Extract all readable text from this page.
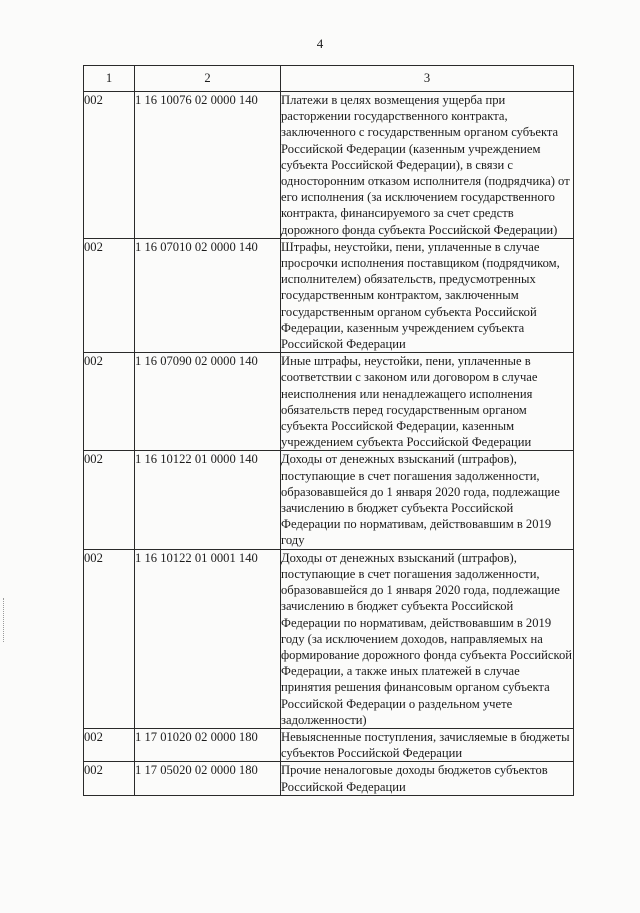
4
1	2	3
002	1 16 10076 02 0000 140	Платежи в целях возмещения ущерба при расторжении государственного контракта, заключенного с государственным органом субъекта Российской Федерации (казенным учреждением субъекта Российской Федерации), в связи с односторонним отказом исполнителя (подрядчика) от его исполнения (за исключением государственного контракта, финансируемого за счет средств дорожного фонда субъекта Российской Федерации)
002	1 16 07010 02 0000 140	Штрафы, неустойки, пени, уплаченные в случае просрочки исполнения поставщиком (подрядчиком, исполнителем) обязательств, предусмотренных государственным контрактом, заключенным государственным органом субъекта Российской Федерации, казенным учреждением субъекта Российской Федерации
002	1 16 07090 02 0000 140	Иные штрафы, неустойки, пени, уплаченные в соответствии с законом или договором в случае неисполнения или ненадлежащего исполнения обязательств перед государственным органом субъекта Российской Федерации, казенным учреждением субъекта Российской Федерации
002	1 16 10122 01 0000 140	Доходы от денежных взысканий (штрафов), поступающие в счет погашения задолженности, образовавшейся до 1 января 2020 года, подлежащие зачислению в бюджет субъекта Российской Федерации по нормативам, действовавшим в 2019 году
002	1 16 10122 01 0001 140	Доходы от денежных взысканий (штрафов), поступающие в счет погашения задолженности, образовавшейся до 1 января 2020 года, подлежащие зачислению в бюджет субъекта Российской Федерации по нормативам, действовавшим в 2019 году (за исключением доходов, направляемых на формирование дорожного фонда субъекта Российской Федерации, а также иных платежей в случае принятия решения финансовым органом субъекта Российской Федерации о раздельном учете задолженности)
002	1 17 01020 02 0000 180	Невыясненные поступления, зачисляемые в бюджеты субъектов Российской Федерации
002	1 17 05020 02 0000 180	Прочие неналоговые доходы бюджетов субъектов Российской Федерации
